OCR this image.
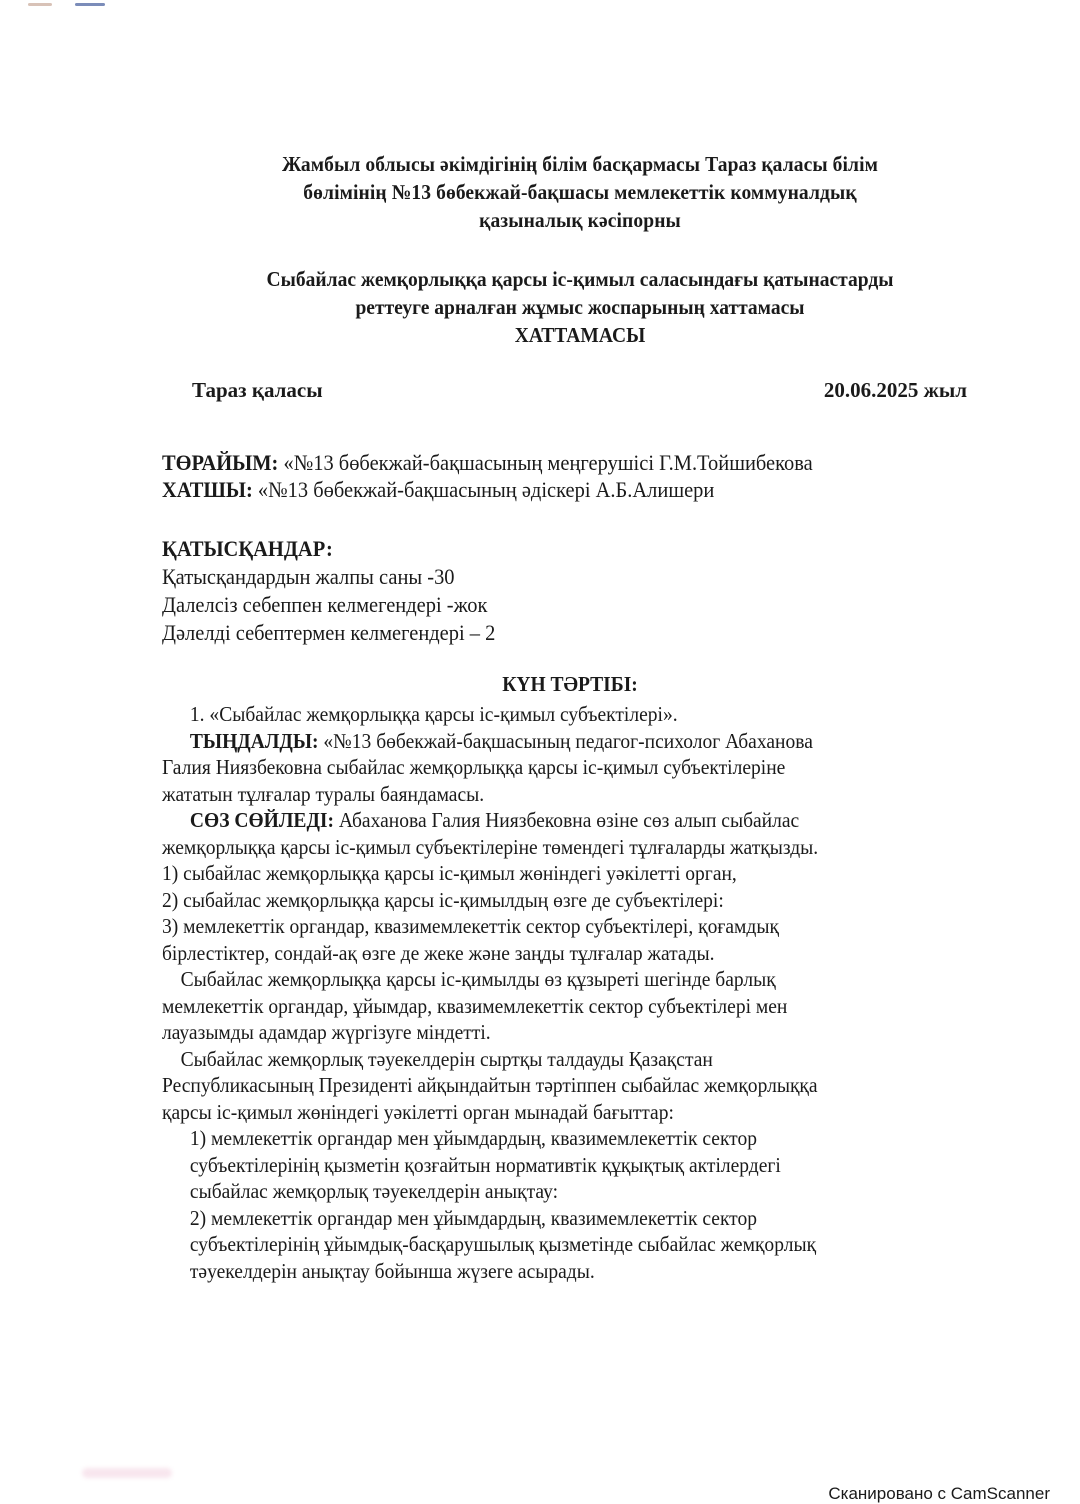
Жамбыл облысы әкімдігінің білім басқармасы Тараз қаласы білім
бөлімінің №13 бөбекжай-бақшасы мемлекеттік коммуналдық
қазыналық кәсіпорны
Сыбайлас жемқорлыққа қарсы іс-қимыл саласындағы қатынастарды
реттеуге арналған жұмыс жоспарының хаттамасы
ХАТТАМАСЫ
Тараз қаласы	20.06.2025 жыл
ТӨРАЙЫМ: «№13 бөбекжай-бақшасының меңгерушісі Г.М.Тойшибекова
ХАТШЫ: «№13 бөбекжай-бақшасының әдіскері А.Б.Алишери
ҚАТЫСҚАНДАР:
Қатысқандардын жалпы саны -30
Далелсіз себеппен келмегендері -жок
Дәлелді себептермен келмегендері – 2
КҮН ТӘРТІБІ:
1. «Сыбайлас жемқорлыққа қарсы іс-қимыл субъектілері».
ТЫҢДАЛДЫ: «№13 бөбекжай-бақшасының педагог-психолог Абаханова
Галия Ниязбековна сыбайлас жемқорлыққа қарсы іс-қимыл субъектілеріне
жататын тұлғалар туралы баяндамасы.
СӨЗ СӨЙЛЕДІ: Абаханова Галия Ниязбековна өзіне сөз алып сыбайлас
жемқорлыққа қарсы іс-қимыл субъектілеріне төмендегі тұлғаларды жатқызды.
1) сыбайлас жемқорлыққа қарсы іс-қимыл жөніндегі уәкілетті орган,
2) сыбайлас жемқорлыққа қарсы іс-қимылдың өзге де субъектілері:
3) мемлекеттік органдар, квазимемлекеттік сектор субъектілері, қоғамдық
бірлестіктер, сондай-ақ өзге де жеке және заңды тұлғалар жатады.
Сыбайлас жемқорлыққа қарсы іс-қимылды өз құзыреті шегінде барлық
мемлекеттік органдар, ұйымдар, квазимемлекеттік сектор субъектілері мен
лауазымды адамдар жүргізуге міндетті.
Сыбайлас жемқорлық тәуекелдерін сыртқы талдауды Қазақстан
Республикасының Президенті айқындайтын тәртіппен сыбайлас жемқорлыққа
қарсы іс-қимыл жөніндегі уәкілетті орган мынадай бағыттар:
1) мемлекеттік органдар мен ұйымдардың, квазимемлекеттік сектор
субъектілерінің қызметін қозғайтын нормативтік құқықтық актілердегі
сыбайлас жемқорлық тәуекелдерін анықтау:
2) мемлекеттік органдар мен ұйымдардың, квазимемлекеттік сектор
субъектілерінің ұйымдық-басқарушылық қызметінде сыбайлас жемқорлық
тәуекелдерін анықтау бойынша жүзеге асырады.
Сканировано с CamScanner
